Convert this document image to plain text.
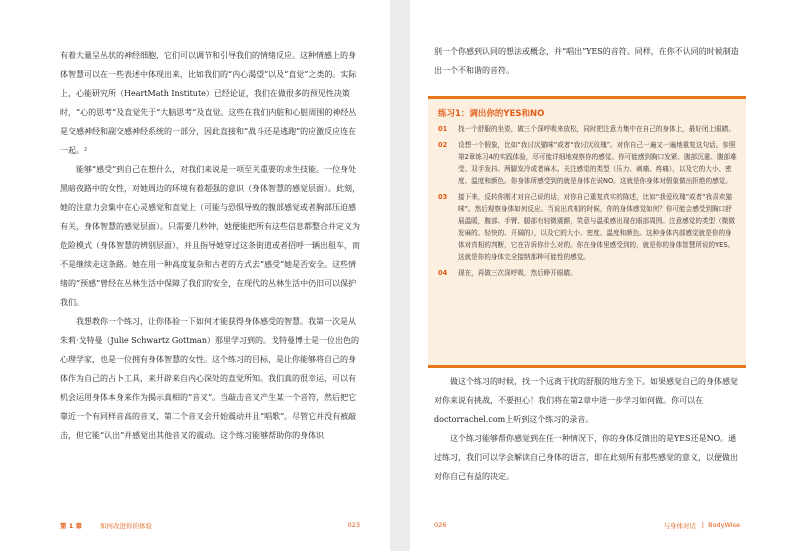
有着大量呈丛状的神经细胞，它们可以调节和引导我们的情绪反应。这种情感上的身体智慧可以在一些表述中体现出来，比如我们的“内心渴望”以及“直觉”之类的。实际上，心能研究所（HeartMath Institute）已经论证，我们在做很多的预见性决策时，“心的思考”及直觉先于“大脑思考”及直觉。这些在我们内脏和心脏周围的神经丛是交感神经和副交感神经系统的一部分，因此直接和“战斗还是逃跑”的应激反应连在一起。²

能够“感受”到自己在想什么，对我们来说是一项至关重要的求生技能。一位身处黑暗夜路中的女性，对她周边的环境有着超强的意识（身体智慧的感觉层面）。此刻，她的注意力会集中在心灵感觉和直觉上（可能与恐惧导致的腹部感觉或者胸部压迫感有关，身体智慧的感觉层面）。只需要几秒钟，她便能把所有这些信息都整合并定义为危险模式（身体智慧的辨别层面），并且指导她穿过这条街道或者招呼一辆出租车，而不是继续走这条路。她在用一种高度复杂和古老的方式去“感受”她是否安全。这些情绪的“预感”曾经在丛林生活中保障了我们的安全，在现代的丛林生活中仍旧可以保护我们。

我想教你一个练习，让你体验一下如何才能获得身体感受的智慧。我第一次是从朱莉·戈特曼（Julie Schwartz Gottman）那里学习到的。戈特曼博士是一位出色的心理学家，也是一位拥有身体智慧的女性。这个练习的目标，是让你能够将自己的身体作为自己的占卜工具，来开辟来自内心深处的直觉所知。我们真的很幸运，可以有机会运用身体本身来作为揭示真相的“音叉”。当敲击音叉产生某一个音符，然后把它靠近一个有同样音高的音叉，第二个音叉会开始震动并且“唱歌”。尽管它并没有被敲击，但它能“认出”并感觉出其他音叉的震动。这个练习能够帮助你的身体识

第 1 章	如何改进你的体验	023

别一个你感到认同的想法或概念，并“唱出”YES的音符。同样，在你不认同的时候制造出一个不和谐的音符。

练习1：调出你的YES和NO
01 找一个舒服的坐姿，做三个深呼吸来放松，同时把注意力集中在自己的身体上，最好闭上眼睛。
02 设想一个假象，比如“我讨厌猫咪”或者“我讨厌玫瑰”。对你自己一遍又一遍地重复这句话。参照第2章练习4的实践体验，尽可能详细地观察你的感觉。你可能感到胸口发紧、腹部沉重、腹部难受、双手发抖、两脚发冷或者麻木。关注感觉的类型（压力、刺痛、疼痛），以及它的大小、密度、温度和颜色。你身体所感受到的就是身体在说NO。这就是你身体对假象做出拒绝的感觉。
03 接下来，反转你刚才对自己说的话，对你自己重复真实的陈述，比如“我爱玫瑰”或者“我喜欢猫咪”。然后观察身体如何反应。当说出真相的时候，你的身体感觉如何？你可能会感受到胸口舒展温暖，腹部、手臂、腿部有轻微震颤，笑意与温柔感出现在眼部周围。注意感觉的类型（微微发麻的、轻快的、开阔的），以及它的大小、密度、温度和颜色。这种身体内部感觉就是你的身体对真相的判断，它在告诉你什么对的。你在身体里感受到的，就是你的身体智慧所说的YES。这就是你的身体完全接纳那种可能性的感觉。
04 现在，再做三次深呼吸，然后睁开眼睛。

做这个练习的时候，找一个远离干扰的舒服的地方坐下。如果感觉自己的身体感觉对你来说有挑战，不要担心！我们将在第2章中进一步学习如何做。你可以在doctorrachel.com上听到这个练习的录音。

这个练习能够帮你感觉到在任一种情况下，你的身体反馈出的是YES还是NO。通过练习，我们可以学会解读自己身体的语言，即在此刻所有那些感觉的意义，以便做出对你自己有益的决定。

026	与身体对话 | BodyWise
